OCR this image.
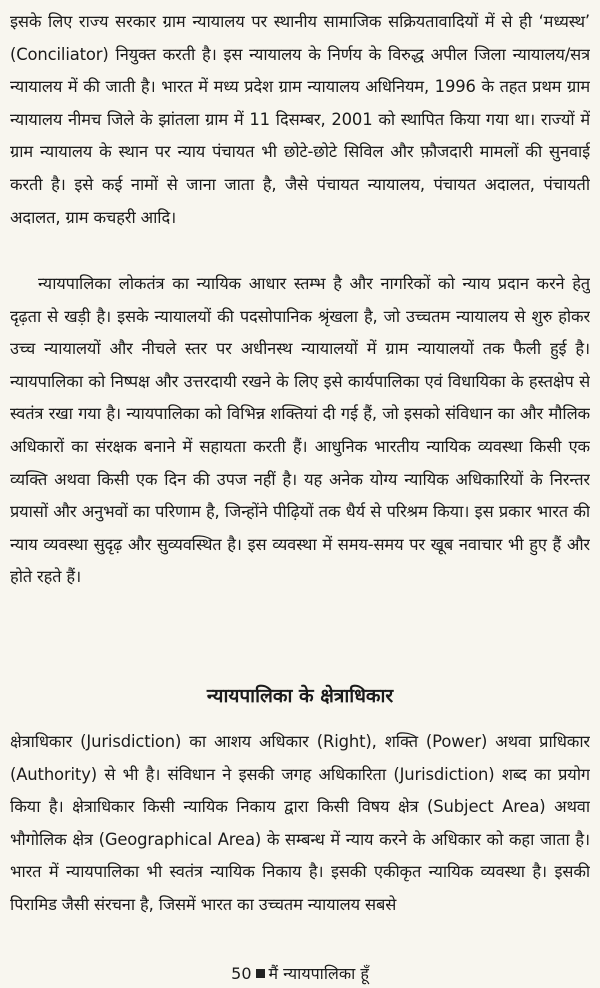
इसके लिए राज्य सरकार ग्राम न्यायालय पर स्थानीय सामाजिक सक्रियतावादियों में से ही ‘मध्यस्थ’ (Conciliator) नियुक्त करती है। इस न्यायालय के निर्णय के विरुद्ध अपील जिला न्यायालय/सत्र न्यायालय में की जाती है। भारत में मध्य प्रदेश ग्राम न्यायालय अधिनियम, 1996 के तहत प्रथम ग्राम न्यायालय नीमच जिले के झांतला ग्राम में 11 दिसम्बर, 2001 को स्थापित किया गया था। राज्यों में ग्राम न्यायालय के स्थान पर न्याय पंचायत भी छोटे-छोटे सिविल और फ़ौजदारी मामलों की सुनवाई करती है। इसे कई नामों से जाना जाता है, जैसे पंचायत न्यायालय, पंचायत अदालत, पंचायती अदालत, ग्राम कचहरी आदि।

न्यायपालिका लोकतंत्र का न्यायिक आधार स्तम्भ है और नागरिकों को न्याय प्रदान करने हेतु दृढ़ता से खड़ी है। इसके न्यायालयों की पदसोपानिक श्रृंखला है, जो उच्चतम न्यायालय से शुरु होकर उच्च न्यायालयों और नीचले स्तर पर अधीनस्थ न्यायालयों में ग्राम न्यायालयों तक फैली हुई है। न्यायपालिका को निष्पक्ष और उत्तरदायी रखने के लिए इसे कार्यपालिका एवं विधायिका के हस्तक्षेप से स्वतंत्र रखा गया है। न्यायपालिका को विभिन्न शक्तियां दी गई हैं, जो इसको संविधान का और मौलिक अधिकारों का संरक्षक बनाने में सहायता करती हैं। आधुनिक भारतीय न्यायिक व्यवस्था किसी एक व्यक्ति अथवा किसी एक दिन की उपज नहीं है। यह अनेक योग्य न्यायिक अधिकारियों के निरन्तर प्रयासों और अनुभवों का परिणाम है, जिन्होंने पीढ़ियों तक धैर्य से परिश्रम किया। इस प्रकार भारत की न्याय व्यवस्था सुदृढ़ और सुव्यवस्थित है। इस व्यवस्था में समय-समय पर खूब नवाचार भी हुए हैं और होते रहते हैं।

न्यायपालिका के क्षेत्राधिकार

क्षेत्राधिकार (Jurisdiction) का आशय अधिकार (Right), शक्ति (Power) अथवा प्राधिकार (Authority) से भी है। संविधान ने इसकी जगह अधिकारिता (Jurisdiction) शब्द का प्रयोग किया है। क्षेत्राधिकार किसी न्यायिक निकाय द्वारा किसी विषय क्षेत्र (Subject Area) अथवा भौगोलिक क्षेत्र (Geographical Area) के सम्बन्ध में न्याय करने के अधिकार को कहा जाता है। भारत में न्यायपालिका भी स्वतंत्र न्यायिक निकाय है। इसकी एकीकृत न्यायिक व्यवस्था है। इसकी पिरामिड जैसी संरचना है, जिसमें भारत का उच्चतम न्यायालय सबसे

50 मैं न्यायपालिका हूँ
